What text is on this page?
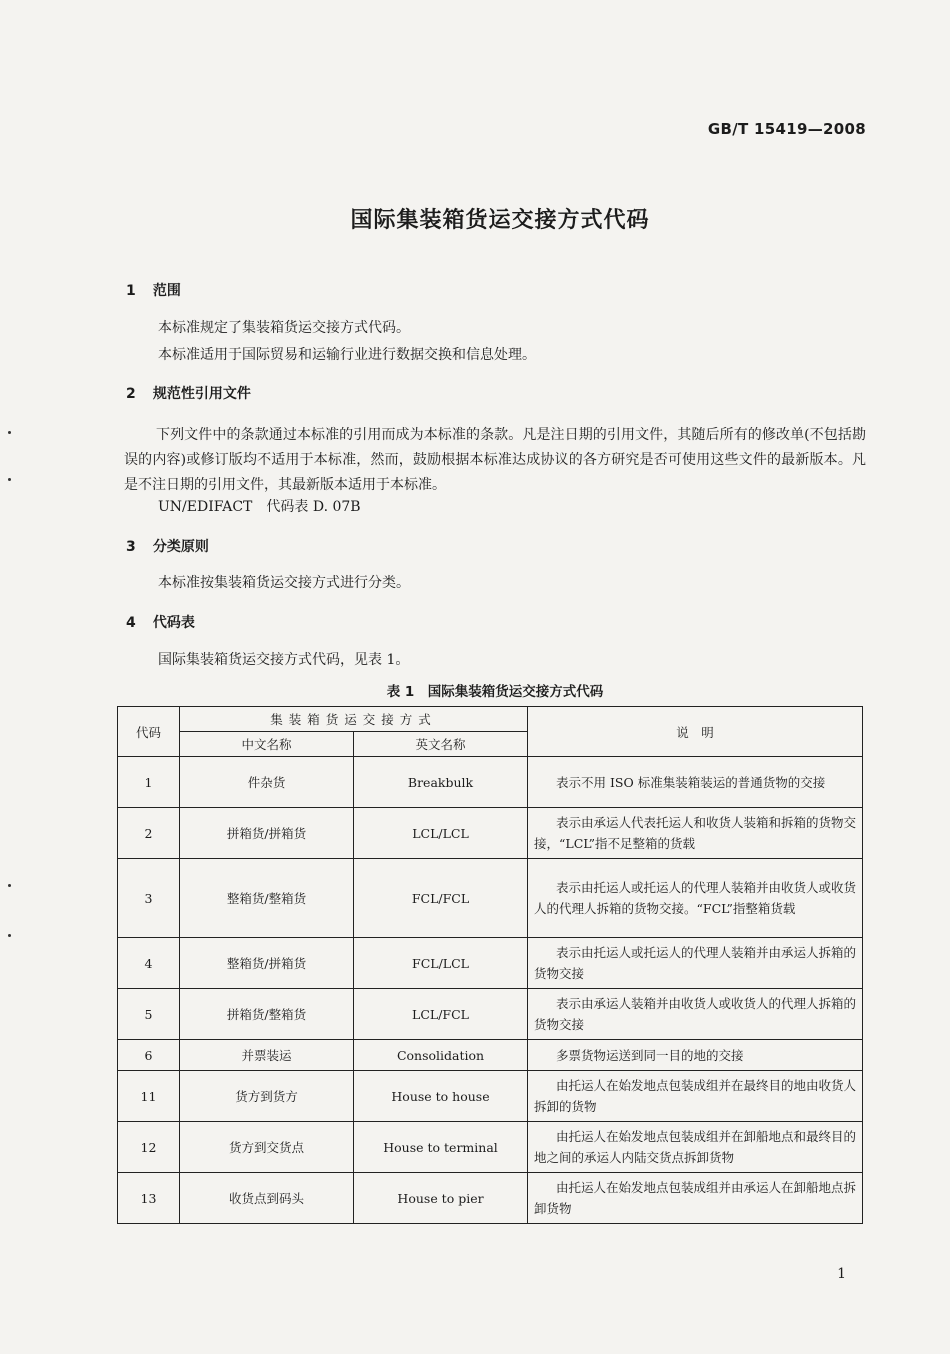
GB/T 15419—2008
国际集装箱货运交接方式代码
1 范围
本标准规定了集装箱货运交接方式代码。
本标准适用于国际贸易和运输行业进行数据交换和信息处理。
2 规范性引用文件
下列文件中的条款通过本标准的引用而成为本标准的条款。凡是注日期的引用文件，其随后所有的修改单(不包括勘误的内容)或修订版均不适用于本标准，然而，鼓励根据本标准达成协议的各方研究是否可使用这些文件的最新版本。凡是不注日期的引用文件，其最新版本适用于本标准。
UN/EDIFACT　代码表 D. 07B
3 分类原则
本标准按集装箱货运交接方式进行分类。
4 代码表
国际集装箱货运交接方式代码，见表 1。
表 1　国际集装箱货运交接方式代码
代码	集装箱货运交接方式		说　明
	中文名称	英文名称	
1	件杂货	Breakbulk	表示不用 ISO 标准集装箱装运的普通货物的交接
2	拼箱货/拼箱货	LCL/LCL	表示由承运人代表托运人和收货人装箱和拆箱的货物交接，“LCL”指不足整箱的货载
3	整箱货/整箱货	FCL/FCL	表示由托运人或托运人的代理人装箱并由收货人或收货人的代理人拆箱的货物交接。“FCL”指整箱货载
4	整箱货/拼箱货	FCL/LCL	表示由托运人或托运人的代理人装箱并由承运人拆箱的货物交接
5	拼箱货/整箱货	LCL/FCL	表示由承运人装箱并由收货人或收货人的代理人拆箱的货物交接
6	并票装运	Consolidation	多票货物运送到同一目的地的交接
11	货方到货方	House to house	由托运人在始发地点包装成组并在最终目的地由收货人拆卸的货物
12	货方到交货点	House to terminal	由托运人在始发地点包装成组并在卸船地点和最终目的地之间的承运人内陆交货点拆卸货物
13	收货点到码头	House to pier	由托运人在始发地点包装成组并由承运人在卸船地点拆卸货物
1
